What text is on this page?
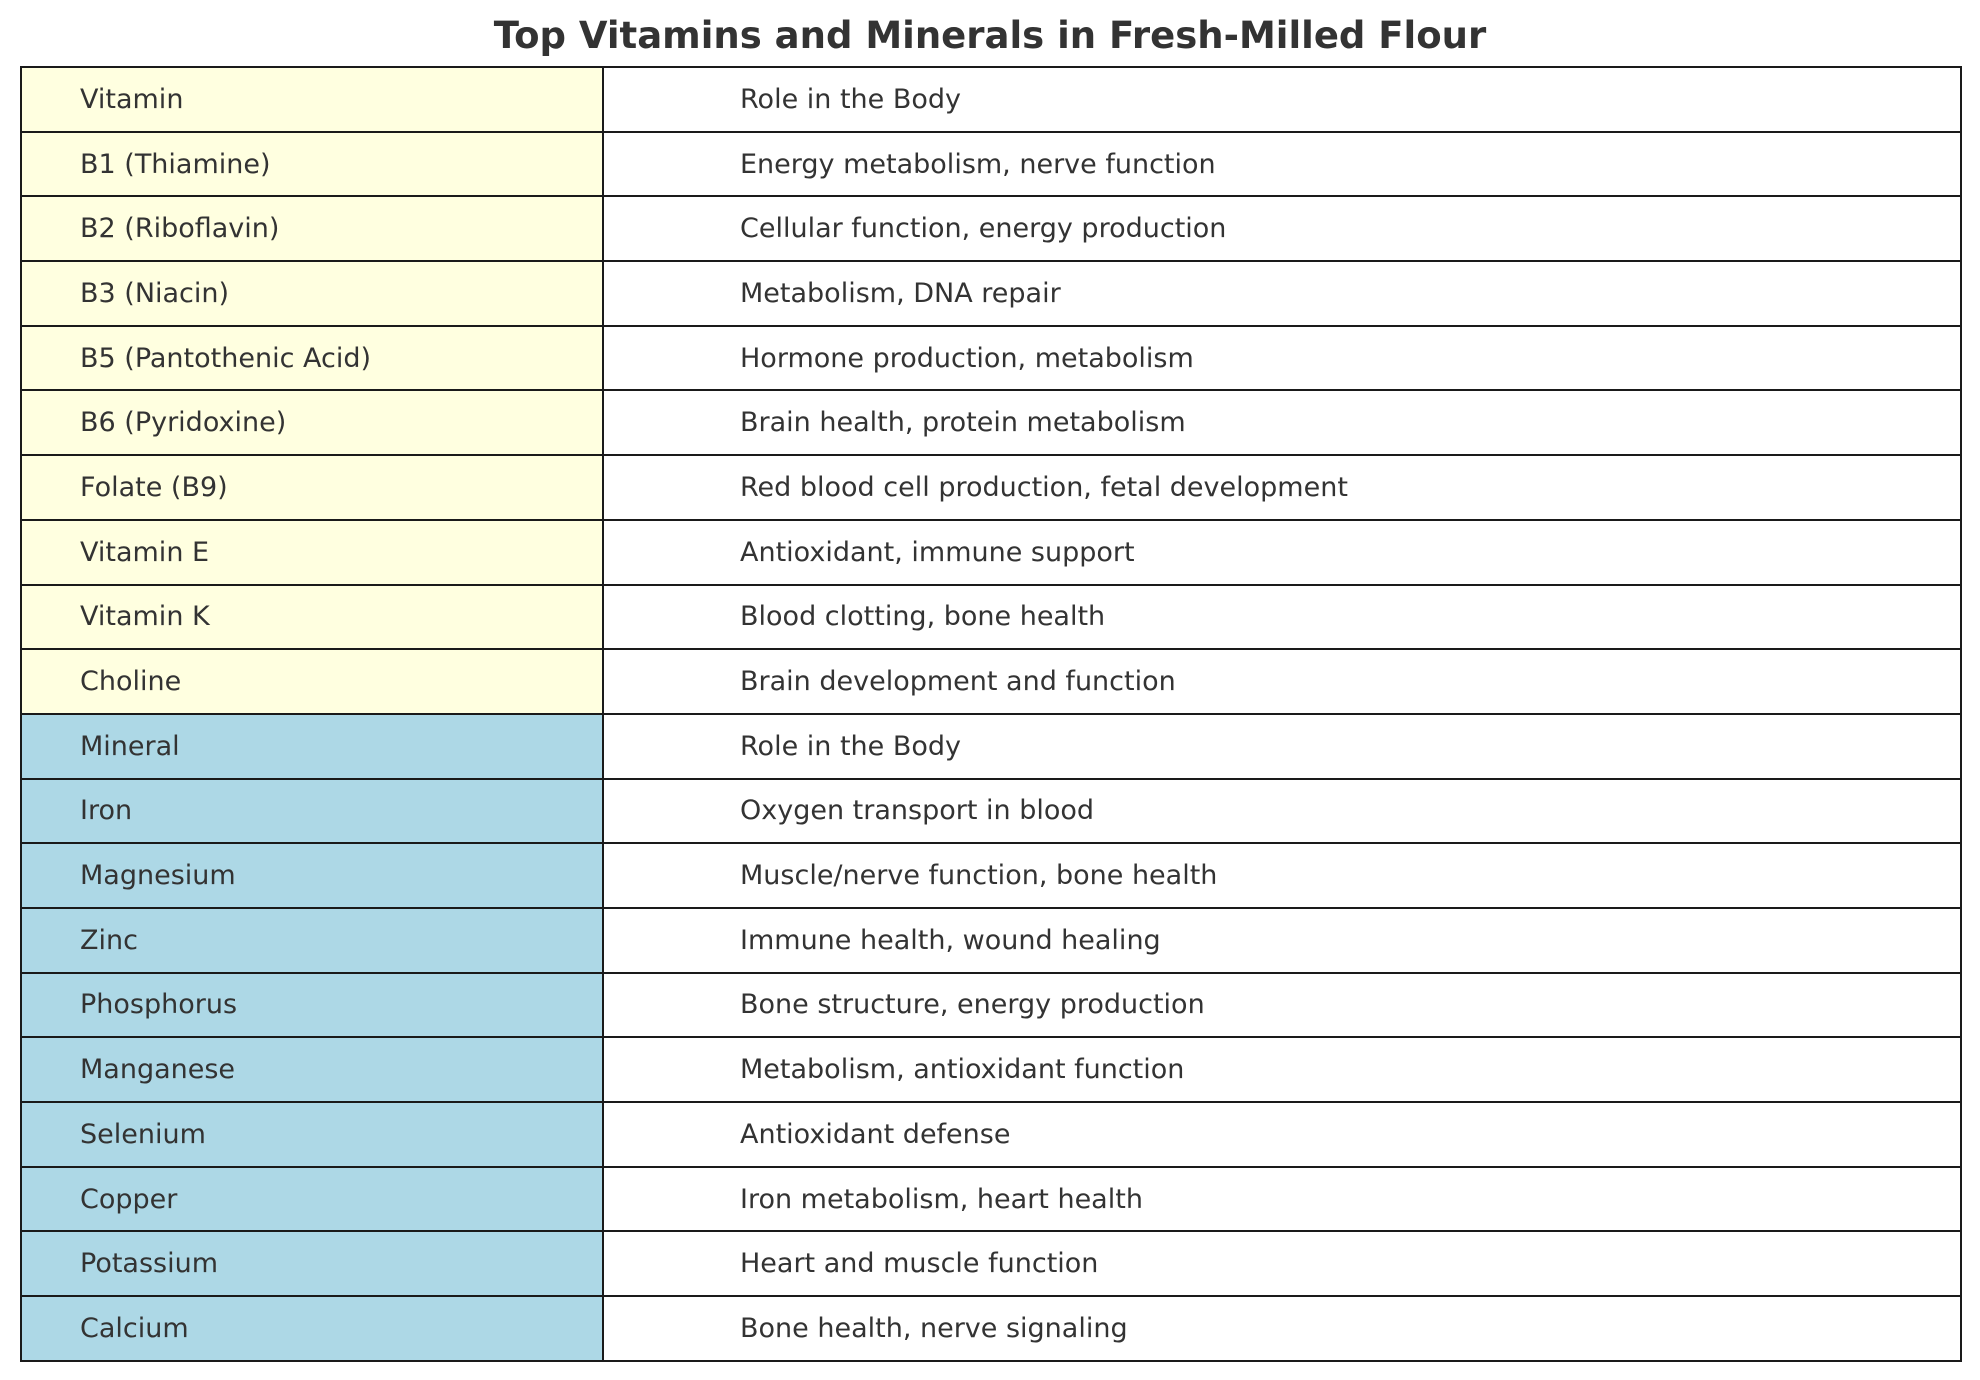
Top Vitamins and Minerals in Fresh-Milled Flour
Vitamin	Role in the Body
B1 (Thiamine)	Energy metabolism, nerve function
B2 (Riboflavin)	Cellular function, energy production
B3 (Niacin)	Metabolism, DNA repair
B5 (Pantothenic Acid)	Hormone production, metabolism
B6 (Pyridoxine)	Brain health, protein metabolism
Folate (B9)	Red blood cell production, fetal development
Vitamin E	Antioxidant, immune support
Vitamin K	Blood clotting, bone health
Choline	Brain development and function
Mineral	Role in the Body
Iron	Oxygen transport in blood
Magnesium	Muscle/nerve function, bone health
Zinc	Immune health, wound healing
Phosphorus	Bone structure, energy production
Manganese	Metabolism, antioxidant function
Selenium	Antioxidant defense
Copper	Iron metabolism, heart health
Potassium	Heart and muscle function
Calcium	Bone health, nerve signaling
